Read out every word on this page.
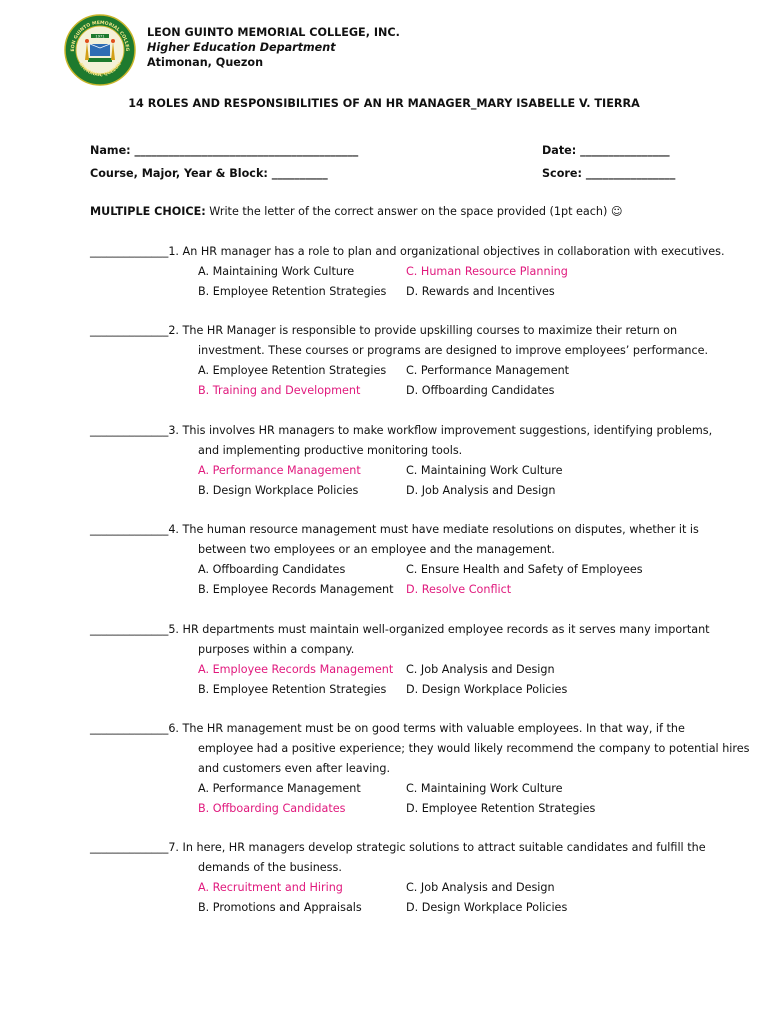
EON GUINTO MEMORIAL COLLEG
ATIMONAN, QUEZON
1971	LEON GUINTO MEMORIAL COLLEGE, INC.
Higher Education Department
Atimonan, Quezon
14 ROLES AND RESPONSIBILITIES OF AN HR MANAGER_MARY ISABELLE V. TIERRA
Name: ________________________________________	Date: ________________
Course, Major, Year & Block: __________	Score: ________________
MULTIPLE CHOICE: Write the letter of the correct answer on the space provided (1pt each) ☺
______________1. An HR manager has a role to plan and organizational objectives in collaboration with executives.
A. Maintaining Work Culture	C. Human Resource Planning
B. Employee Retention Strategies D. Rewards and Incentives
______________2. The HR Manager is responsible to provide upskilling courses to maximize their return on
investment. These courses or programs are designed to improve employees’ performance.
A. Employee Retention Strategies C. Performance Management
B. Training and Development	D. Offboarding Candidates
______________3. This involves HR managers to make workflow improvement suggestions, identifying problems,
and implementing productive monitoring tools.
A. Performance Management	C. Maintaining Work Culture
B. Design Workplace Policies	D. Job Analysis and Design
______________4. The human resource management must have mediate resolutions on disputes, whether it is
between two employees or an employee and the management.
A. Offboarding Candidates	C. Ensure Health and Safety of Employees
B. Employee Records Management D. Resolve Conflict
______________5. HR departments must maintain well-organized employee records as it serves many important
purposes within a company.
A. Employee Records Management C. Job Analysis and Design
B. Employee Retention Strategies D. Design Workplace Policies
______________6. The HR management must be on good terms with valuable employees. In that way, if the
employee had a positive experience; they would likely recommend the company to potential hires
and customers even after leaving.
A. Performance Management	C. Maintaining Work Culture
B. Offboarding Candidates	D. Employee Retention Strategies
______________7. In here, HR managers develop strategic solutions to attract suitable candidates and fulfill the
demands of the business.
A. Recruitment and Hiring	C. Job Analysis and Design
B. Promotions and Appraisals	D. Design Workplace Policies
